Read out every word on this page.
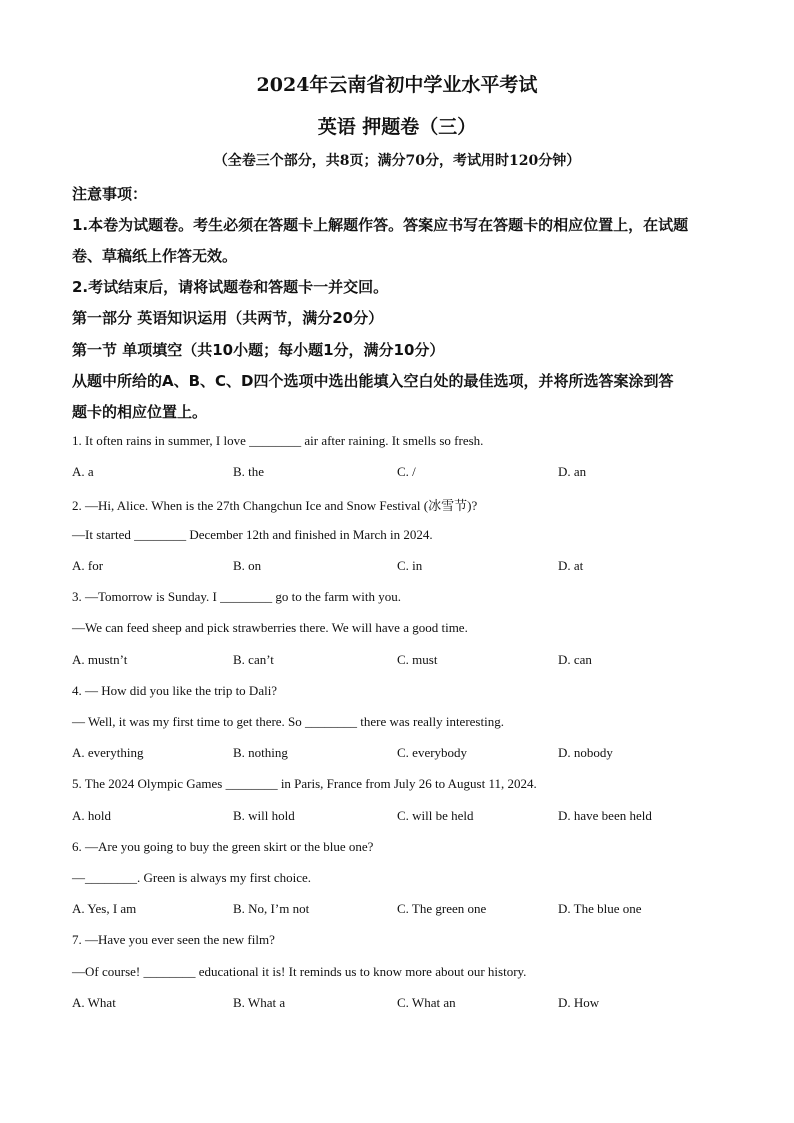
2024年云南省初中学业水平考试
英语 押题卷（三）
（全卷三个部分，共8页；满分70分，考试用时120分钟）
注意事项：
1.本卷为试题卷。考生必须在答题卡上解题作答。答案应书写在答题卡的相应位置上，在试题
卷、草稿纸上作答无效。
2.考试结束后，请将试题卷和答题卡一并交回。
第一部分 英语知识运用（共两节，满分20分）
第一节 单项填空（共10小题；每小题1分，满分10分）
从题中所给的A、B、C、D四个选项中选出能填入空白处的最佳选项，并将所选答案涂到答
题卡的相应位置上。
1. It often rains in summer, I love ________ air after raining. It smells so fresh.
A. a	B. the	C. /	D. an
2. —Hi, Alice. When is the 27th Changchun Ice and Snow Festival (冰雪节)?
—It started ________ December 12th and finished in March in 2024.
A. for	B. on	C. in	D. at
3. —Tomorrow is Sunday. I ________ go to the farm with you.
—We can feed sheep and pick strawberries there. We will have a good time.
A. mustn’t	B. can’t	C. must	D. can
4. — How did you like the trip to Dali?
— Well, it was my first time to get there. So ________ there was really interesting.
A. everything	B. nothing	C. everybody	D. nobody
5. The 2024 Olympic Games ________ in Paris, France from July 26 to August 11, 2024.
A. hold	B. will hold	C. will be held	D. have been held
6. —Are you going to buy the green skirt or the blue one?
—________. Green is always my first choice.
A. Yes, I am	B. No, I’m not	C. The green one	D. The blue one
7. —Have you ever seen the new film?
—Of course! ________ educational it is! It reminds us to know more about our history.
A. What	B. What a	C. What an	D. How
